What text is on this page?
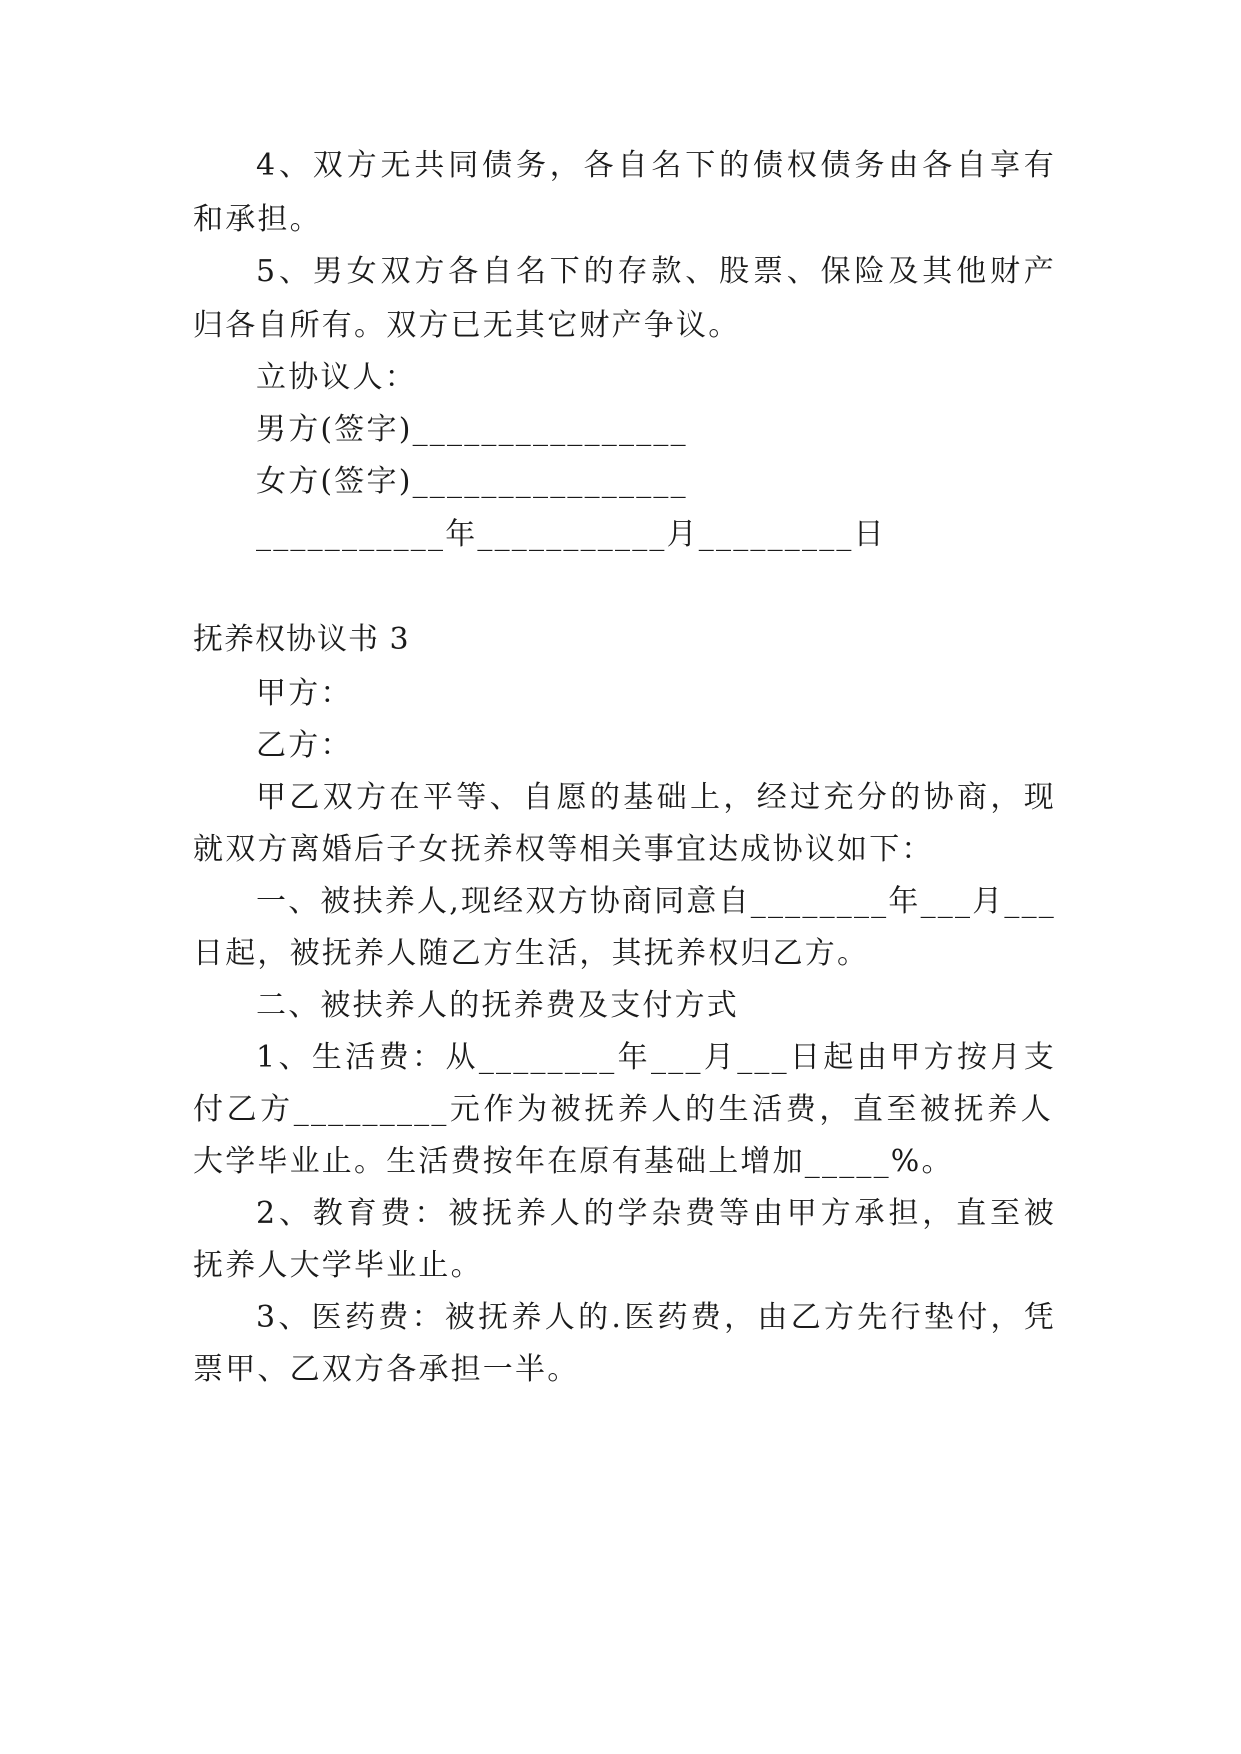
4、双方无共同债务，各自名下的债权债务由各自享有
和承担。
5、男女双方各自名下的存款、股票、保险及其他财产
归各自所有。双方已无其它财产争议。
立协议人：
男方(签字)________________
女方(签字)________________
___________年___________月_________日
抚养权协议书 3
甲方：
乙方：
甲乙双方在平等、自愿的基础上，经过充分的协商，现
就双方离婚后子女抚养权等相关事宜达成协议如下：
一、被扶养人,现经双方协商同意自________年___月___
日起，被抚养人随乙方生活，其抚养权归乙方。
二、被扶养人的抚养费及支付方式
1、生活费：从________年___月___日起由甲方按月支
付乙方_________元作为被抚养人的生活费，直至被抚养人
大学毕业止。生活费按年在原有基础上增加_____%。
2、教育费：被抚养人的学杂费等由甲方承担，直至被
抚养人大学毕业止。
3、医药费：被抚养人的.医药费，由乙方先行垫付，凭
票甲、乙双方各承担一半。
